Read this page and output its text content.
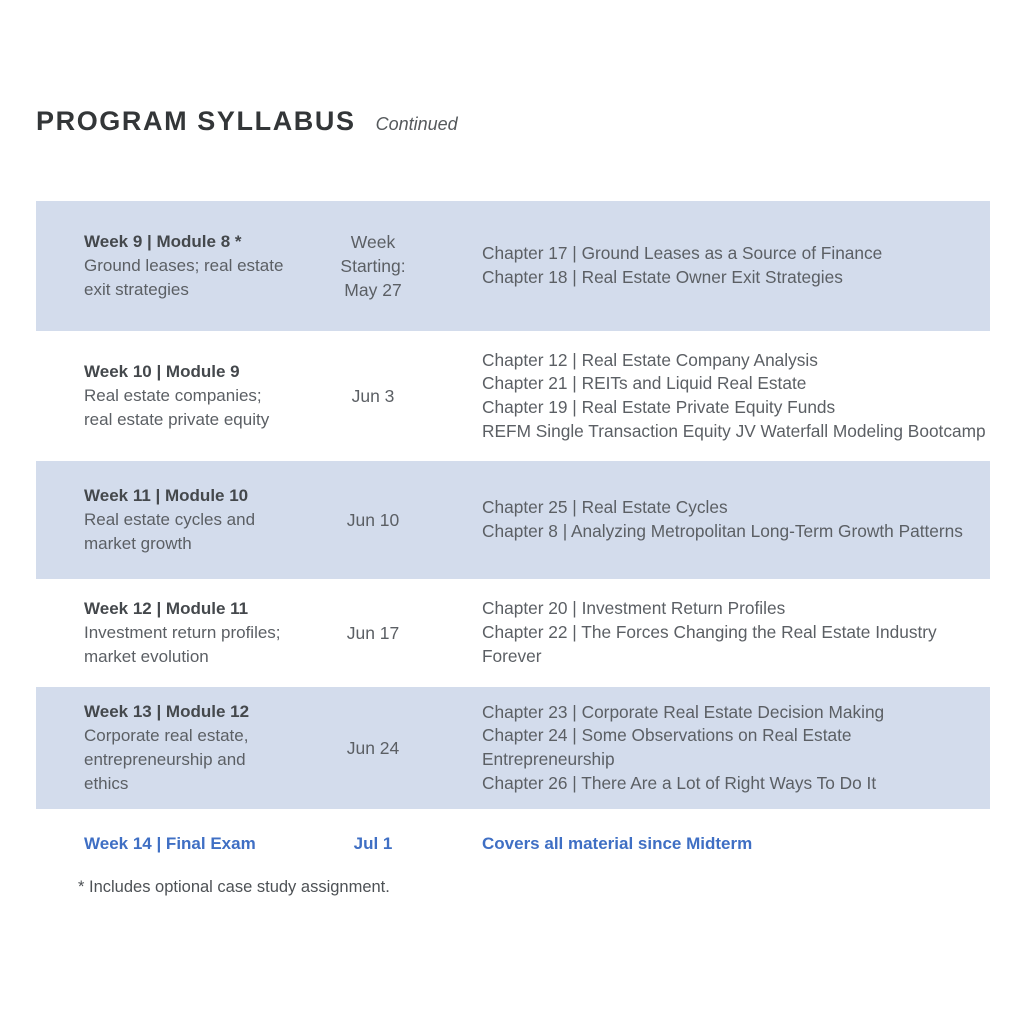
PROGRAM SYLLABUS Continued

Week 9 | Module 8 *

Ground leases; real estate

exit strategies

Week
Starting:
May 27

Chapter 17 | Ground Leases as a Source of Finance

Chapter 18 | Real Estate Owner Exit Strategies

Week 10 | Module 9

Real estate companies;

real estate private equity

Jun 3

Chapter 12 | Real Estate Company Analysis

Chapter 21 | REITs and Liquid Real Estate

Chapter 19 | Real Estate Private Equity Funds

REFM Single Transaction Equity JV Waterfall Modeling Bootcamp

Week 11 | Module 10

Real estate cycles and

market growth

Jun 10

Chapter 25 | Real Estate Cycles

Chapter 8 | Analyzing Metropolitan Long-Term Growth Patterns

Week 12 | Module 11

Investment return profiles;

market evolution

Jun 17

Chapter 20 | Investment Return Profiles

Chapter 22 | The Forces Changing the Real Estate Industry Forever

Week 13 | Module 12

Corporate real estate,

entrepreneurship and

ethics

Jun 24

Chapter 23 | Corporate Real Estate Decision Making

Chapter 24 | Some Observations on Real Estate Entrepreneurship

Chapter 26 | There Are a Lot of Right Ways To Do It

Week 14 | Final Exam	Jul 1	Covers all material since Midterm

* Includes optional case study assignment.
